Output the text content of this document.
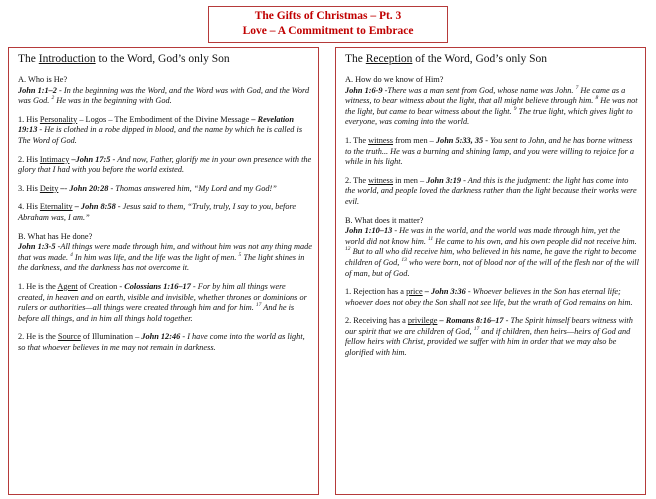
The Gifts of Christmas – Pt. 3
Love – A Commitment to Embrace
The Introduction to the Word, God’s only Son
A. Who is He?
John 1:1–2 - In the beginning was the Word, and the Word was with God, and the Word was God. $^2$ He was in the beginning with God.
1. His Personality – Logos – The Embodiment of the Divine Message – Revelation 19:13 - He is clothed in a robe dipped in blood, and the name by which he is called is The Word of God.
2. His Intimacy –John 17:5 - And now, Father, glorify me in your own presence with the glory that I had with you before the world existed.
3. His Deity –- John 20:28 - Thomas answered him, “My Lord and my God!”
4. His Eternality – John 8:58 - Jesus said to them, “Truly, truly, I say to you, before Abraham was, I am.”
B. What has He done?
John 1:3-5 -All things were made through him, and without him was not any thing made that was made. $^4$ In him was life, and the life was the light of men. $^5$ The light shines in the darkness, and the darkness has not overcome it.
1. He is the Agent of Creation - Colossians 1:16–17 - For by him all things were created, in heaven and on earth, visible and invisible, whether thrones or dominions or rulers or authorities—all things were created through him and for him. $^{17}$ And he is before all things, and in him all things hold together.
2. He is the Source of Illumination – John 12:46 - I have come into the world as light, so that whoever believes in me may not remain in darkness.
The Reception of the Word, God’s only Son
A. How do we know of Him?
John 1:6-9 -There was a man sent from God, whose name was John. $^7$ He came as a witness, to bear witness about the light, that all might believe through him. $^8$ He was not the light, but came to bear witness about the light. $^9$ The true light, which gives light to everyone, was coming into the world.
1. The witness from men – John 5:33, 35 - You sent to John, and he has borne witness to the truth... He was a burning and shining lamp, and you were willing to rejoice for a while in his light.
2. The witness in men – John 3:19 - And this is the judgment: the light has come into the world, and people loved the darkness rather than the light because their works were evil.
B. What does it matter?
John 1:10–13 - He was in the world, and the world was made through him, yet the world did not know him. $^{11}$ He came to his own, and his own people did not receive him. $^{12}$ But to all who did receive him, who believed in his name, he gave the right to become children of God, $^{13}$ who were born, not of blood nor of the will of the flesh nor of the will of man, but of God.
1. Rejection has a price – John 3:36 - Whoever believes in the Son has eternal life; whoever does not obey the Son shall not see life, but the wrath of God remains on him.
2. Receiving has a privilege – Romans 8:16–17 - The Spirit himself bears witness with our spirit that we are children of God, $^{17}$ and if children, then heirs—heirs of God and fellow heirs with Christ, provided we suffer with him in order that we may also be glorified with him.
